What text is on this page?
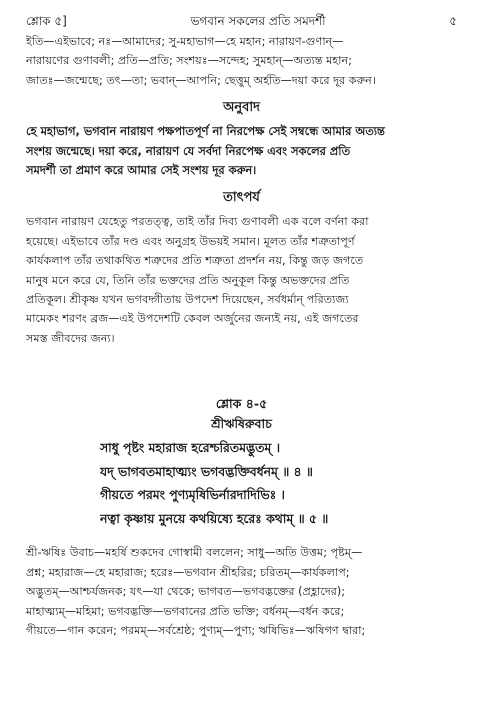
শ্লোক ৫]	ভগবান সকলের প্রতি সমদর্শী	৫
ইতি—এইভাবে; নঃ—আমাদের; সু-মহাভাগ—হে মহান; নারায়ণ-গুণান্—
নারায়ণের গুণাবলী; প্রতি—প্রতি; সংশয়ঃ—সন্দেহ; সুমহান্—অত্যন্ত মহান;
জাতঃ—জন্মেছে; তৎ—তা; ভবান্—আপনি; ছেত্তুম্ অর্হতি—দয়া করে দূর করুন।
অনুবাদ
হে মহাভাগ, ভগবান নারায়ণ পক্ষপাতপূর্ণ না নিরপেক্ষ সেই সম্বন্ধে আমার অত্যন্ত
সংশয় জন্মেছে। দয়া করে, নারায়ণ যে সর্বদা নিরপেক্ষ এবং সকলের প্রতি
সমদর্শী তা প্রমাণ করে আমার সেই সংশয় দূর করুন।
তাৎপর্য
ভগবান নারায়ণ যেহেতু পরতত্ত্ব, তাই তাঁর দিব্য গুণাবলী এক বলে বর্ণনা করা
হয়েছে। এইভাবে তাঁর দণ্ড এবং অনুগ্রহ উভয়ই সমান। মূলত তাঁর শত্রুতাপূর্ণ
কার্যকলাপ তাঁর তথাকথিত শত্রুদের প্রতি শত্রুতা প্রদর্শন নয়, কিন্তু জড় জগতে
মানুষ মনে করে যে, তিনি তাঁর ভক্তদের প্রতি অনুকূল কিন্তু অভক্তদের প্রতি
প্রতিকূল। শ্রীকৃষ্ণ যখন ভগবদ্গীতায় উপদেশ দিয়েছেন, সর্বধর্মান্ পরিত্যজ্য
মামেকং শরণং ব্রজ—এই উপদেশটি কেবল অর্জুনের জন্যই নয়, এই জগতের
সমস্ত জীবদের জন্য।
শ্লোক ৪-৫
শ্রীঋষিরুবাচ
সাধু পৃষ্টং মহারাজ হরেশ্চরিতমদ্ভুতম্ ।
যদ্ ভাগবতমাহাত্ম্যং ভগবদ্ভক্তিবর্ধনম্ ॥ ৪ ॥
গীয়তে পরমং পুণ্যমৃষিভির্নারদাদিভিঃ ।
নত্বা কৃষ্ণায় মুনয়ে কথয়িষ্যে হরেঃ কথাম্ ॥ ৫ ॥
শ্রী-ঋষিঃ উবাচ—মহর্ষি শুকদেব গোস্বামী বললেন; সাধু—অতি উত্তম; পৃষ্টম্—
প্রশ্ন; মহারাজ—হে মহারাজ; হরেঃ—ভগবান শ্রীহরির; চরিতম্—কার্যকলাপ;
অদ্ভুতম্—আশ্চর্যজনক; যৎ—যা থেকে; ভাগবত—ভগবদ্ভক্তের (প্রহ্লাদের);
মাহাত্ম্যম্—মহিমা; ভগবদ্ভক্তি—ভগবানের প্রতি ভক্তি; বর্ধনম্—বর্ধন করে;
গীয়তে—গান করেন; পরমম্—সর্বশ্রেষ্ঠ; পুণ্যম্—পুণ্য; ঋষিভিঃ—ঋষিগণ দ্বারা;
